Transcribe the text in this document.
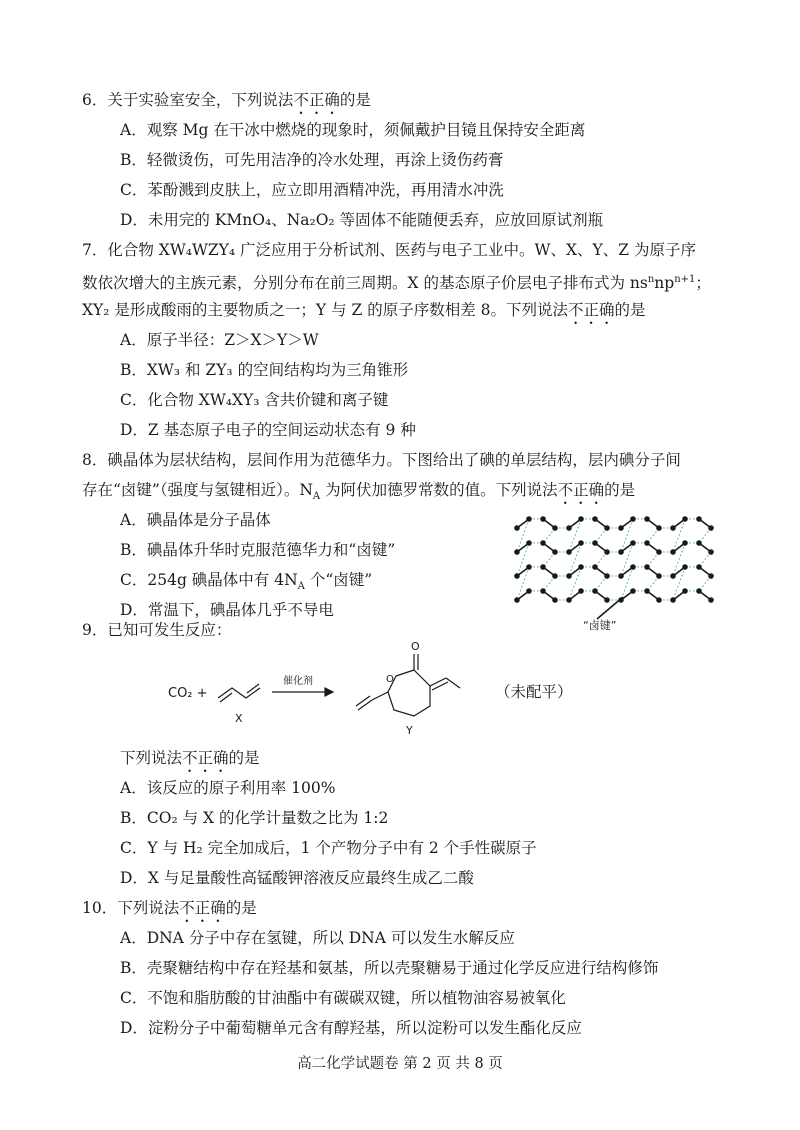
6．关于实验室安全，下列说法不正确的是
A．观察 Mg 在干冰中燃烧的现象时，须佩戴护目镜且保持安全距离
B．轻微烫伤，可先用洁净的冷水处理，再涂上烫伤药膏
C．苯酚溅到皮肤上，应立即用酒精冲洗，再用清水冲洗
D．未用完的 KMnO₄、Na₂O₂ 等固体不能随便丢弃，应放回原试剂瓶
7．化合物 XW₄WZY₄ 广泛应用于分析试剂、医药与电子工业中。W、X、Y、Z 为原子序
数依次增大的主族元素，分别分布在前三周期。X 的基态原子价层电子排布式为 $ns^nnp^{n+1}$；
XY₂ 是形成酸雨的主要物质之一；Y 与 Z 的原子序数相差 8。下列说法不正确的是
A．原子半径：Z＞X＞Y＞W
B．XW₃ 和 ZY₃ 的空间结构均为三角锥形
C．化合物 XW₄XY₃ 含共价键和离子键
D．Z 基态原子电子的空间运动状态有 9 种
8．碘晶体为层状结构，层间作用为范德华力。下图给出了碘的单层结构，层内碘分子间
存在“卤键”（强度与氢键相近）。$N_A$ 为阿伏加德罗常数的值。下列说法不正确的是
A．碘晶体是分子晶体
B．碘晶体升华时克服范德华力和“卤键”
C．254g 碘晶体中有 $4N_A$ 个“卤键”
D．常温下，碘晶体几乎不导电
“卤键”
9．已知可发生反应：
CO₂ +
X
催化剂
O
O
Y
（未配平）
下列说法不正确的是
A．该反应的原子利用率 100%
B．CO₂ 与 X 的化学计量数之比为 1:2
C．Y 与 H₂ 完全加成后，1 个产物分子中有 2 个手性碳原子
D．X 与足量酸性高锰酸钾溶液反应最终生成乙二酸
10．下列说法不正确的是
A．DNA 分子中存在氢键，所以 DNA 可以发生水解反应
B．壳聚糖结构中存在羟基和氨基，所以壳聚糖易于通过化学反应进行结构修饰
C．不饱和脂肪酸的甘油酯中有碳碳双键，所以植物油容易被氧化
D．淀粉分子中葡萄糖单元含有醇羟基，所以淀粉可以发生酯化反应
高二化学试题卷 第 2 页 共 8 页
